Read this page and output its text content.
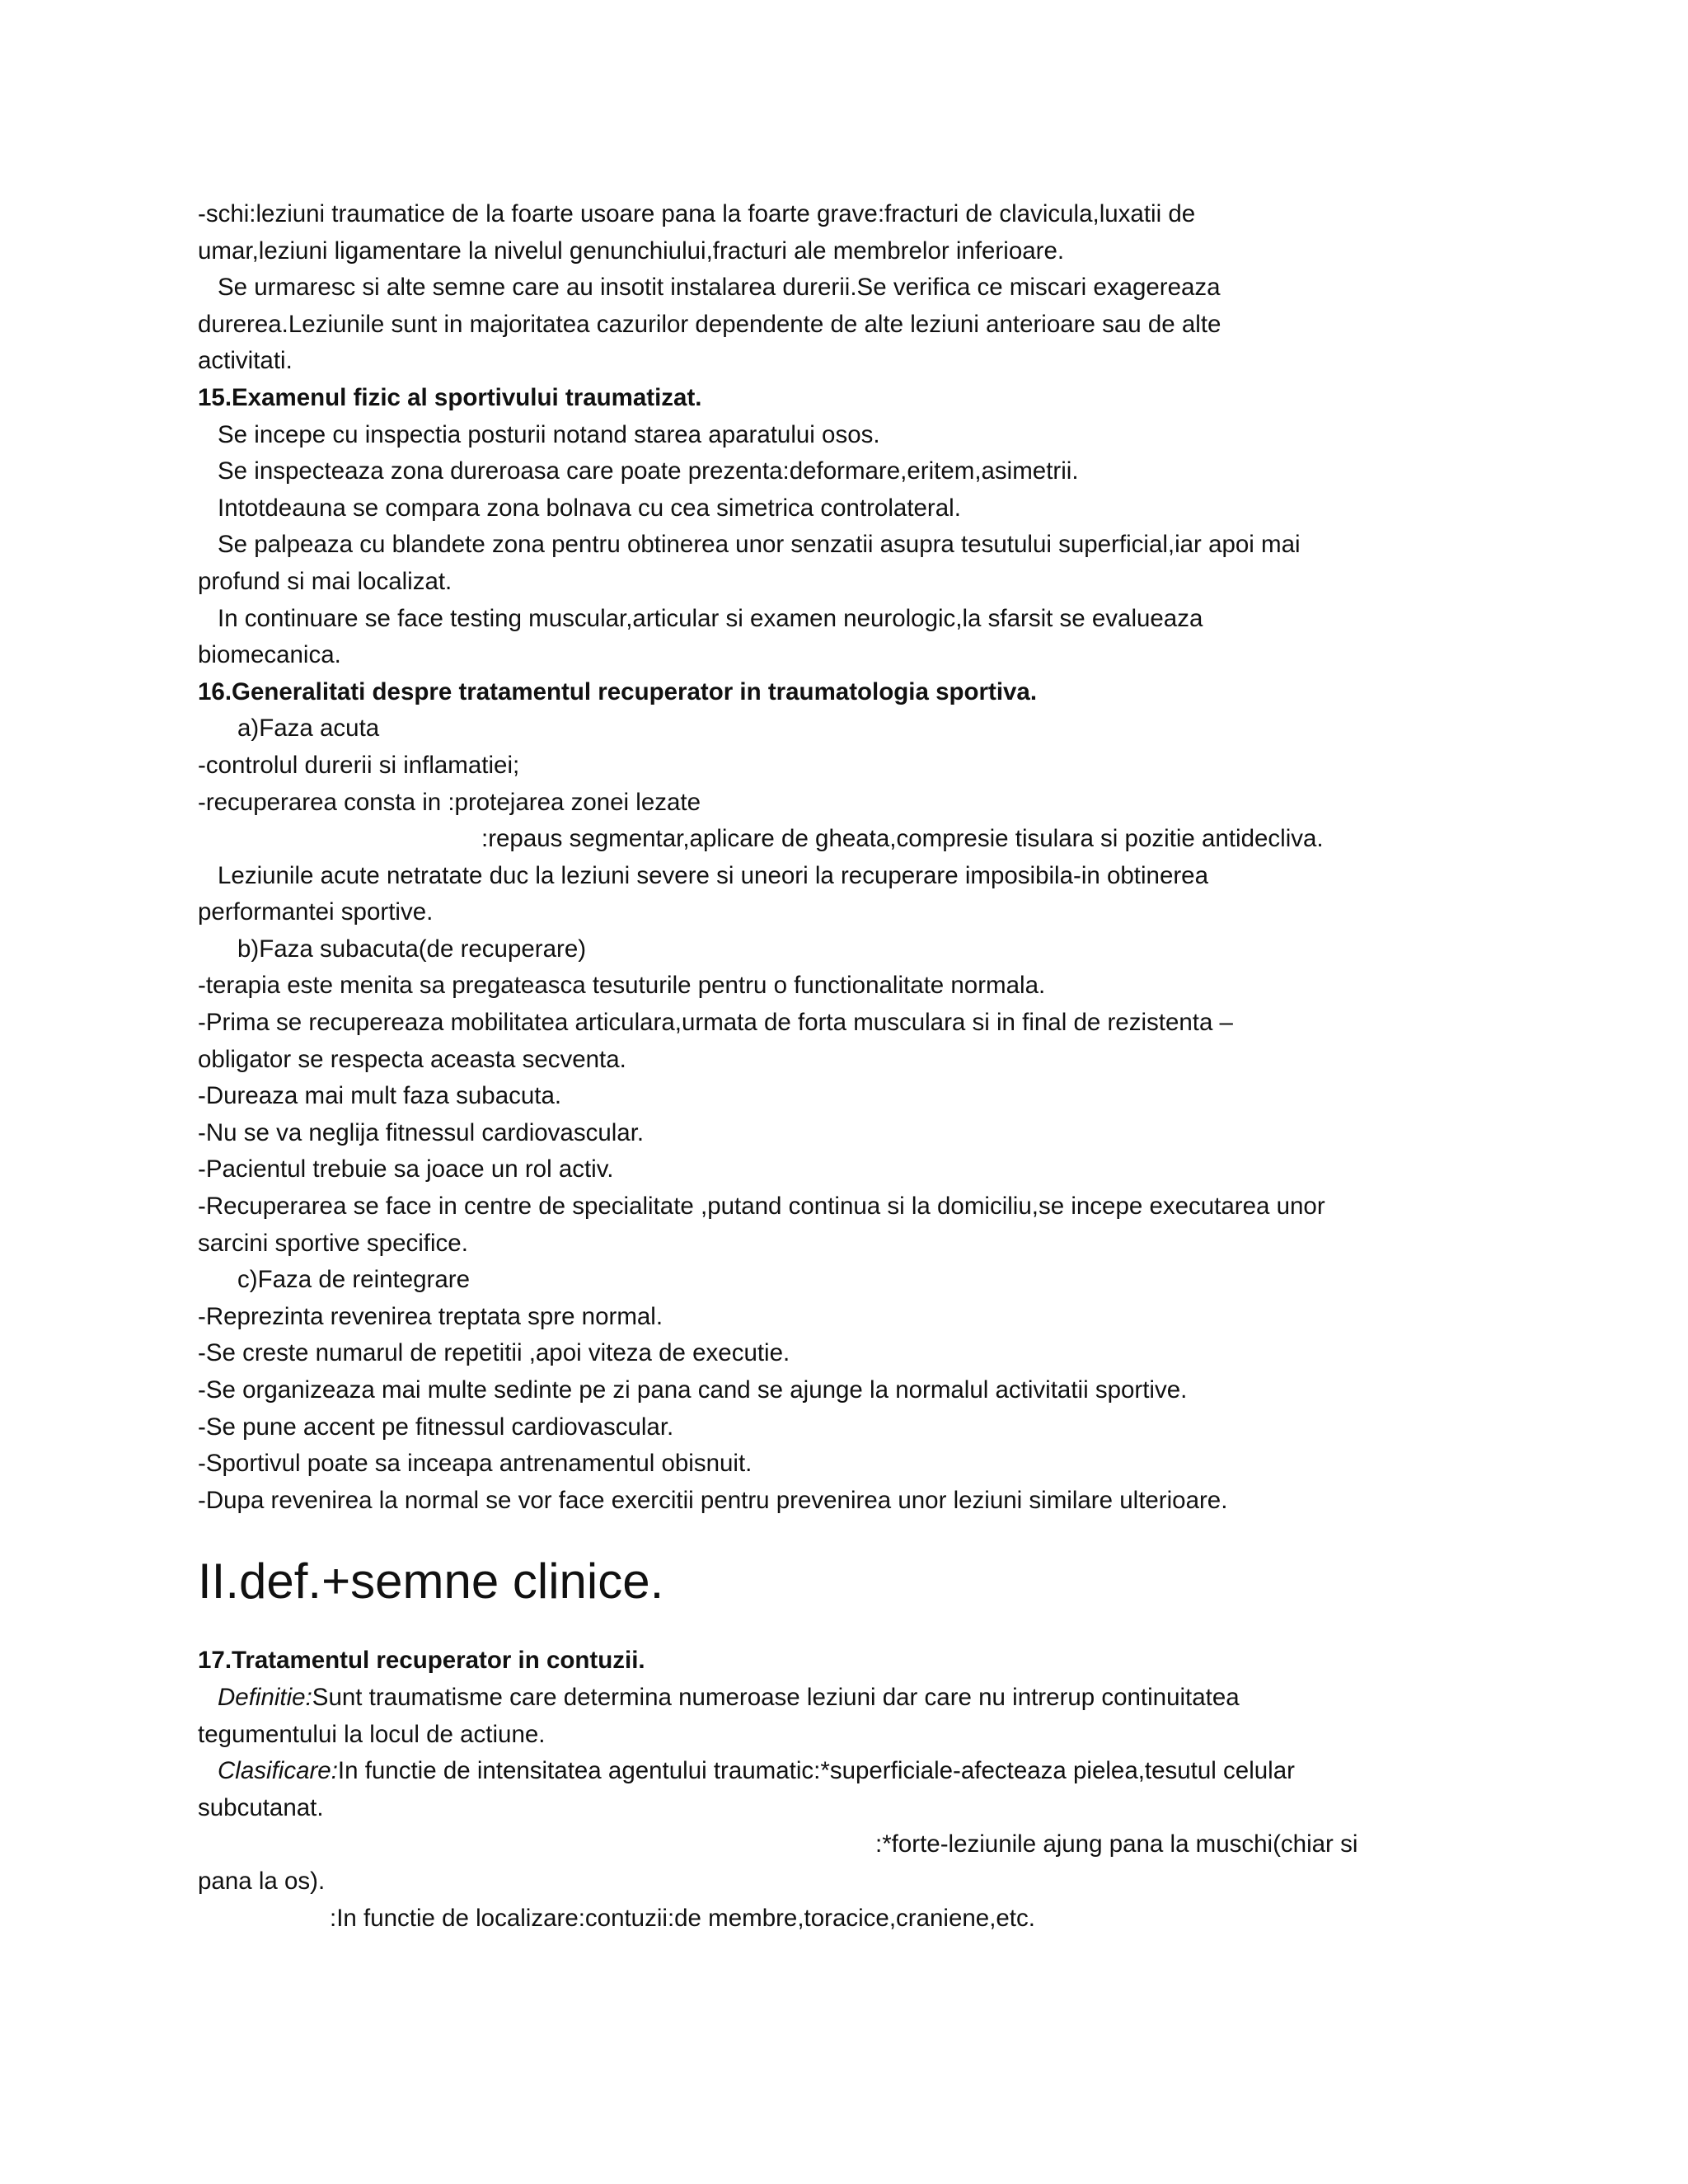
-schi:leziuni traumatice de la foarte usoare pana la foarte grave:fracturi de clavicula,luxatii de

umar,leziuni ligamentare la nivelul genunchiului,fracturi ale membrelor inferioare.

Se urmaresc si alte semne care au insotit instalarea durerii.Se verifica ce miscari exagereaza

durerea.Leziunile sunt in majoritatea cazurilor dependente de alte leziuni anterioare sau de alte

activitati.

15.Examenul fizic al sportivului traumatizat.

Se incepe cu inspectia posturii notand starea aparatului osos.

Se inspecteaza zona dureroasa care poate prezenta:deformare,eritem,asimetrii.

Intotdeauna se compara zona bolnava cu cea simetrica controlateral.

Se palpeaza cu blandete zona pentru obtinerea unor senzatii asupra tesutului superficial,iar apoi mai

profund si mai localizat.

In continuare se face testing muscular,articular si examen neurologic,la sfarsit se evalueaza

biomecanica.

16.Generalitati despre tratamentul recuperator in traumatologia sportiva.

a)Faza acuta

-controlul durerii si inflamatiei;

-recuperarea consta in :protejarea zonei lezate

:repaus segmentar,aplicare de gheata,compresie tisulara si pozitie antidecliva.

Leziunile acute netratate duc la leziuni severe si uneori la recuperare imposibila-in obtinerea

performantei sportive.

b)Faza subacuta(de recuperare)

-terapia este menita sa pregateasca tesuturile pentru o functionalitate normala.

-Prima se recupereaza mobilitatea articulara,urmata de forta musculara si in final de rezistenta –

obligator se respecta aceasta secventa.

-Dureaza mai mult faza subacuta.

-Nu se va neglija fitnessul cardiovascular.

-Pacientul trebuie sa joace un rol activ.

-Recuperarea se face in centre de specialitate ,putand continua si la domiciliu,se incepe executarea unor

sarcini sportive specifice.

c)Faza de reintegrare

-Reprezinta revenirea treptata spre normal.

-Se creste numarul de repetitii ,apoi viteza de executie.

-Se organizeaza mai multe sedinte pe zi pana cand se ajunge la normalul activitatii sportive.

-Se pune accent pe fitnessul cardiovascular.

-Sportivul poate sa inceapa antrenamentul obisnuit.

-Dupa revenirea la normal se vor face exercitii pentru prevenirea unor leziuni similare ulterioare.

II.def.+semne clinice.

17.Tratamentul recuperator in contuzii.

Definitie:Sunt traumatisme care determina numeroase leziuni dar care nu intrerup continuitatea

tegumentului la locul de actiune.

Clasificare:In functie de intensitatea agentului traumatic:*superficiale-afecteaza pielea,tesutul celular

subcutanat.

:*forte-leziunile ajung pana la muschi(chiar si

pana la os).

:In functie de localizare:contuzii:de membre,toracice,craniene,etc.
